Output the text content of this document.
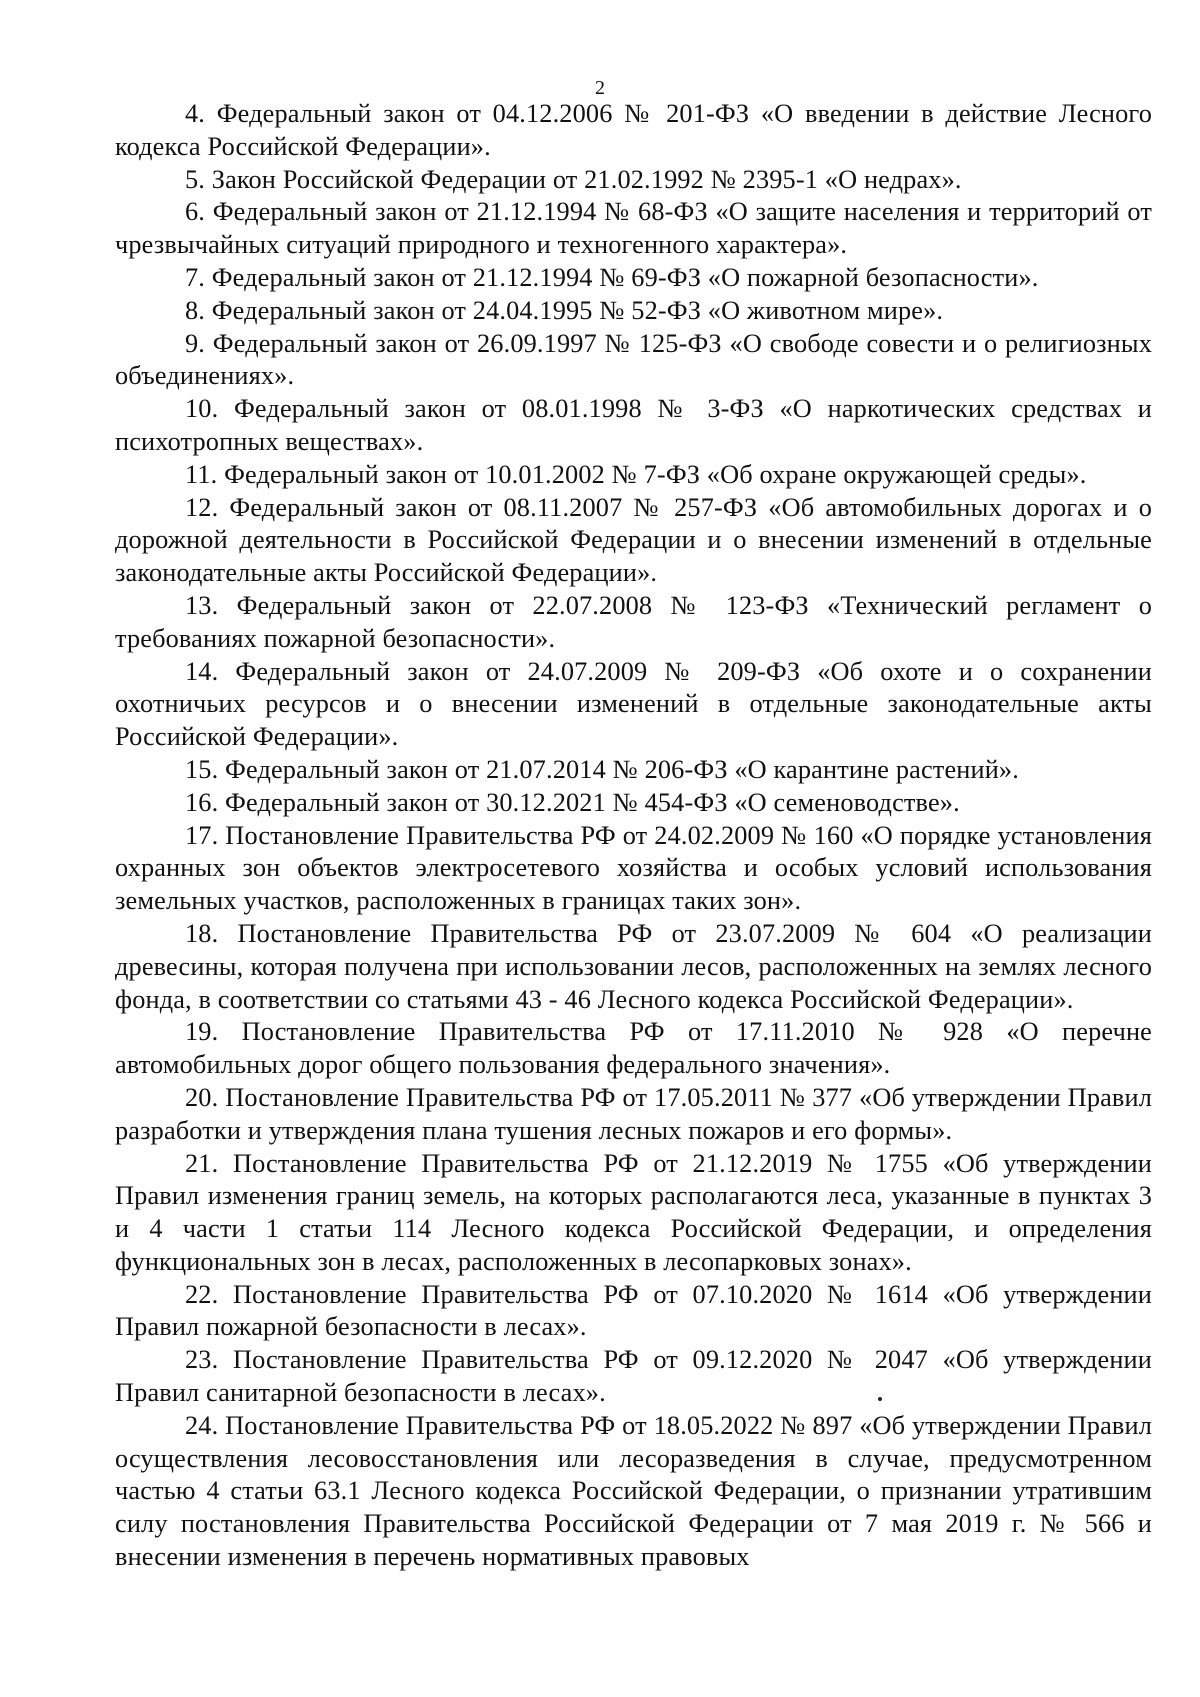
2

4. Федеральный закон от 04.12.2006 № 201-ФЗ «О введении в действие Лесного кодекса Российской Федерации».

5. Закон Российской Федерации от 21.02.1992 № 2395-1 «О недрах».

6. Федеральный закон от 21.12.1994 № 68-ФЗ «О защите населения и территорий от чрезвычайных ситуаций природного и техногенного характера».

7. Федеральный закон от 21.12.1994 № 69-ФЗ «О пожарной безопасности».

8. Федеральный закон от 24.04.1995 № 52-ФЗ «О животном мире».

9. Федеральный закон от 26.09.1997 № 125-ФЗ «О свободе совести и о религиозных объединениях».

10. Федеральный закон от 08.01.1998 № 3-ФЗ «О наркотических средствах и психотропных веществах».

11. Федеральный закон от 10.01.2002 № 7-ФЗ «Об охране окружающей среды».

12. Федеральный закон от 08.11.2007 № 257-ФЗ «Об автомобильных дорогах и о дорожной деятельности в Российской Федерации и о внесении изменений в отдельные законодательные акты Российской Федерации».

13. Федеральный закон от 22.07.2008 № 123-ФЗ «Технический регламент о требованиях пожарной безопасности».

14. Федеральный закон от 24.07.2009 № 209-ФЗ «Об охоте и о сохранении охотничьих ресурсов и о внесении изменений в отдельные законодательные акты Российской Федерации».

15. Федеральный закон от 21.07.2014 № 206-ФЗ «О карантине растений».

16. Федеральный закон от 30.12.2021 № 454-ФЗ «О семеноводстве».

17. Постановление Правительства РФ от 24.02.2009 № 160 «О порядке установления охранных зон объектов электросетевого хозяйства и особых условий использования земельных участков, расположенных в границах таких зон».

18. Постановление Правительства РФ от 23.07.2009 № 604 «О реализации древесины, которая получена при использовании лесов, расположенных на землях лесного фонда, в соответствии со статьями 43 - 46 Лесного кодекса Российской Федерации».

19. Постановление Правительства РФ от 17.11.2010 № 928 «О перечне автомобильных дорог общего пользования федерального значения».

20. Постановление Правительства РФ от 17.05.2011 № 377 «Об утверждении Правил разработки и утверждения плана тушения лесных пожаров и его формы».

21. Постановление Правительства РФ от 21.12.2019 № 1755 «Об утверждении Правил изменения границ земель, на которых располагаются леса, указанные в пунктах 3 и 4 части 1 статьи 114 Лесного кодекса Российской Федерации, и определения функциональных зон в лесах, расположенных в лесопарковых зонах».

22. Постановление Правительства РФ от 07.10.2020 № 1614 «Об утверждении Правил пожарной безопасности в лесах».

23. Постановление Правительства РФ от 09.12.2020 № 2047 «Об утверждении Правил санитарной безопасности в лесах».

24. Постановление Правительства РФ от 18.05.2022 № 897 «Об утверждении Правил осуществления лесовосстановления или лесоразведения в случае, предусмотренном частью 4 статьи 63.1 Лесного кодекса Российской Федерации, о признании утратившим силу постановления Правительства Российской Федерации от 7 мая 2019 г. № 566 и внесении изменения в перечень нормативных правовых
